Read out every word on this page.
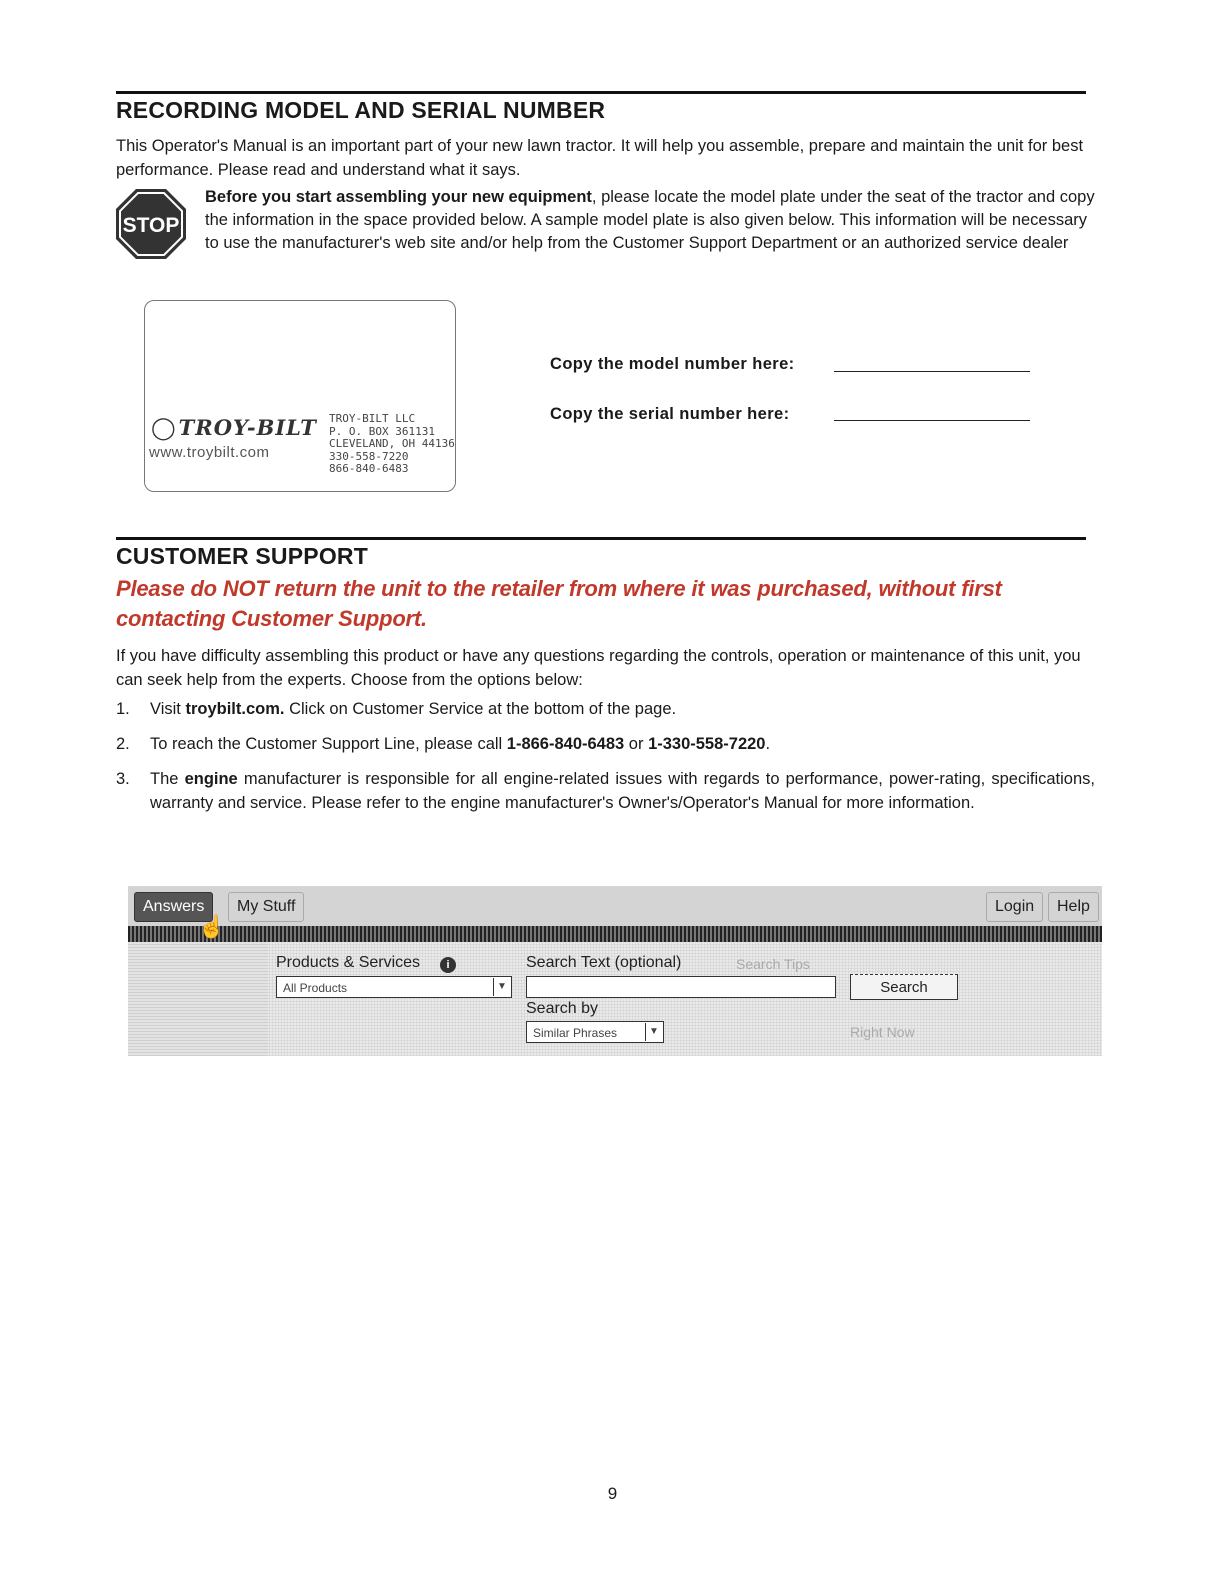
RECORDING MODEL AND SERIAL NUMBER

This Operator's Manual is an important part of your new lawn tractor. It will help you assemble, prepare and maintain the unit for best performance. Please read and understand what it says.

STOP
Before you start assembling your new equipment, please locate the model plate under the seat of the tractor and copy the information in the space provided below. A sample model plate is also given below. This information will be necessary to use the manufacturer's web site and/or help from the Customer Support Department or an authorized service dealer
◯TROY-BILT
www.troybilt.com
TROY-BILT LLC
P. O. BOX 361131
CLEVELAND, OH 44136
330-558-7220
866-840-6483
Copy the model number here:
Copy the serial number here:
CUSTOMER SUPPORT
Please do NOT return the unit to the retailer from where it was purchased, without first contacting Customer Support.

If you have difficulty assembling this product or have any questions regarding the controls, operation or maintenance of this unit, you can seek help from the experts. Choose from the options below:

1. Visit troybilt.com. Click on Customer Service at the bottom of the page.
2. To reach the Customer Support Line, please call 1-866-840-6483 or 1-330-558-7220.
3. The engine manufacturer is responsible for all engine-related issues with regards to performance, power-rating, specifications, warranty and service. Please refer to the engine manufacturer's Owner's/Operator's Manual for more information.
Answers	My Stuff	Login	Help
☝
Products & Services	i
All Products	▼
Search Text (optional)	Search Tips
Search
Search by
Similar Phrases	▼	Right Now
9
